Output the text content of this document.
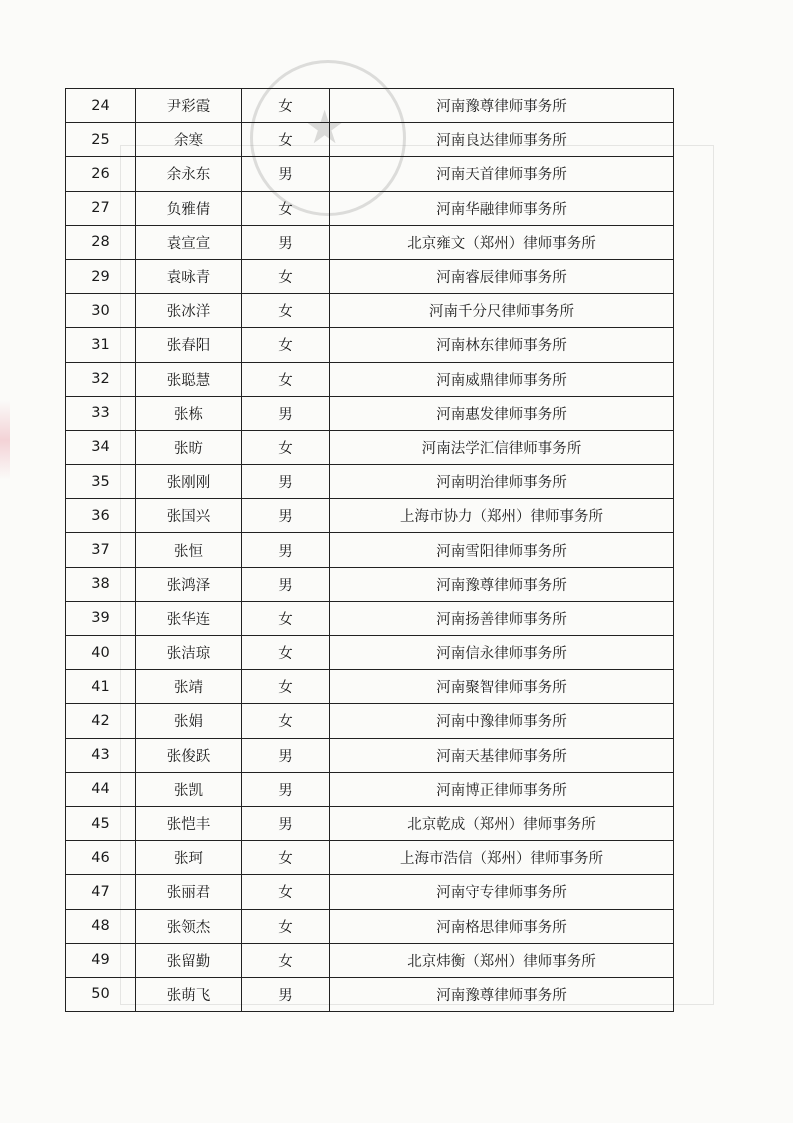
★
24	尹彩霞	女	河南豫尊律师事务所
25	余寒	女	河南良达律师事务所
26	余永东	男	河南天首律师事务所
27	负雅倩	女	河南华融律师事务所
28	袁宣宣	男	北京雍文（郑州）律师事务所
29	袁咏青	女	河南睿辰律师事务所
30	张冰洋	女	河南千分尺律师事务所
31	张春阳	女	河南林东律师事务所
32	张聪慧	女	河南威鼎律师事务所
33	张栋	男	河南惠发律师事务所
34	张昉	女	河南法学汇信律师事务所
35	张刚刚	男	河南明治律师事务所
36	张国兴	男	上海市协力（郑州）律师事务所
37	张恒	男	河南雪阳律师事务所
38	张鸿泽	男	河南豫尊律师事务所
39	张华连	女	河南扬善律师事务所
40	张洁琼	女	河南信永律师事务所
41	张靖	女	河南聚智律师事务所
42	张娟	女	河南中豫律师事务所
43	张俊跃	男	河南天基律师事务所
44	张凯	男	河南博正律师事务所
45	张恺丰	男	北京乾成（郑州）律师事务所
46	张珂	女	上海市浩信（郑州）律师事务所
47	张丽君	女	河南守专律师事务所
48	张领杰	女	河南格思律师事务所
49	张留勤	女	北京炜衡（郑州）律师事务所
50	张萌飞	男	河南豫尊律师事务所
